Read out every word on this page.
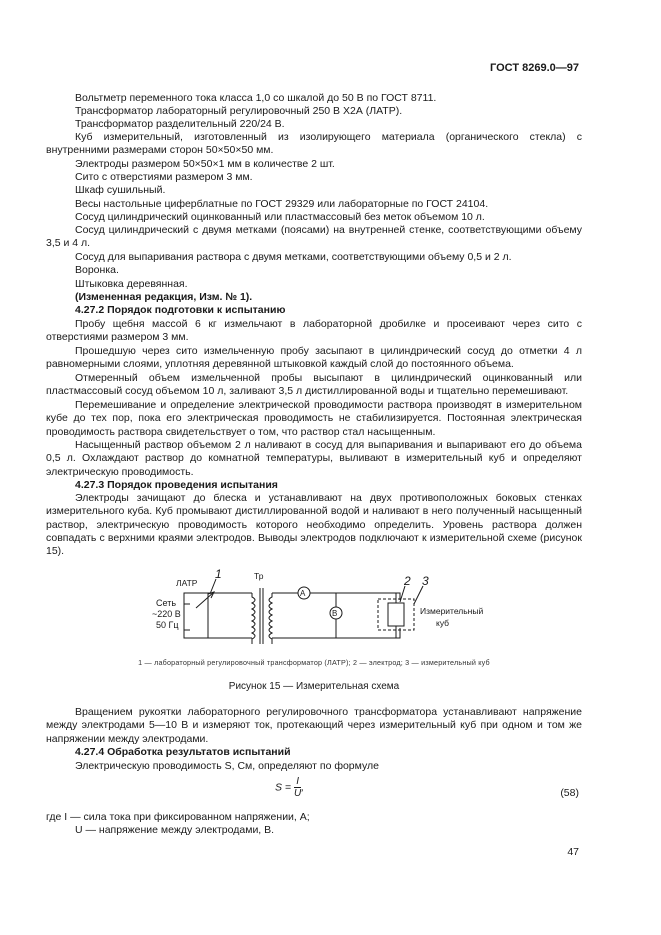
ГОСТ 8269.0—97

Вольтметр переменного тока класса 1,0 со шкалой до 50 В по ГОСТ 8711.

Трансформатор лабораторный регулировочный 250 В Х2А (ЛАТР).

Трансформатор разделительный 220/24 В.

Куб измерительный, изготовленный из изолирующего материала (органического стекла) с внутренними размерами сторон 50×50×50 мм.

Электроды размером 50×50×1 мм в количестве 2 шт.

Сито с отверстиями размером 3 мм.

Шкаф сушильный.

Весы настольные циферблатные по ГОСТ 29329 или лабораторные по ГОСТ 24104.

Сосуд цилиндрический оцинкованный или пластмассовый без меток объемом 10 л.

Сосуд цилиндрический с двумя метками (поясами) на внутренней стенке, соответствующими объему 3,5 и 4 л.

Сосуд для выпаривания раствора с двумя метками, соответствующими объему 0,5 и 2 л.

Воронка.

Штыковка деревянная.

(Измененная редакция, Изм. № 1).

4.27.2 Порядок подготовки к испытанию

Пробу щебня массой 6 кг измельчают в лабораторной дробилке и просеивают через сито с отверстиями размером 3 мм.

Прошедшую через сито измельченную пробу засыпают в цилиндрический сосуд до отметки 4 л равномерными слоями, уплотняя деревянной штыковкой каждый слой до постоянного объема.

Отмеренный объем измельченной пробы высыпают в цилиндрический оцинкованный или пластмассовый сосуд объемом 10 л, заливают 3,5 л дистиллированной воды и тщательно перемешивают.

Перемешивание и определение электрической проводимости раствора производят в измерительном кубе до тех пор, пока его электрическая проводимость не стабилизируется. Постоянная электрическая проводимость раствора свидетельствует о том, что раствор стал насыщенным.

Насыщенный раствор объемом 2 л наливают в сосуд для выпаривания и выпаривают его до объема 0,5 л. Охлаждают раствор до комнатной температуры, выливают в измерительный куб и определяют электрическую проводимость.

4.27.3 Порядок проведения испытания

Электроды зачищают до блеска и устанавливают на двух противоположных боковых стенках измерительного куба. Куб промывают дистиллированной водой и наливают в него полученный насыщенный раствор, электрическую проводимость которого необходимо определить. Уровень раствора должен совпадать с верхними краями электродов. Выводы электродов подключают к измерительной схеме (рисунок 15).

ЛАТР
Сеть
~220 В
50 Гц
Тр
A
B
1	2 3
Измерительный
куб
1 — лабораторный регулировочный трансформатор (ЛАТР); 2 — электрод; 3 — измерительный куб
Рисунок 15 — Измерительная схема

Вращением рукоятки лабораторного регулировочного трансформатора устанавливают напряжение между электродами 5—10 В и измеряют ток, протекающий через измерительный куб при одном и том же напряжении между электродами.

4.27.4 Обработка результатов испытаний

Электрическую проводимость S, См, определяют по формуле

$S = \frac{I}{U}$ ,	(58)

где I — сила тока при фиксированном напряжении, А;

U — напряжение между электродами, В.

47
